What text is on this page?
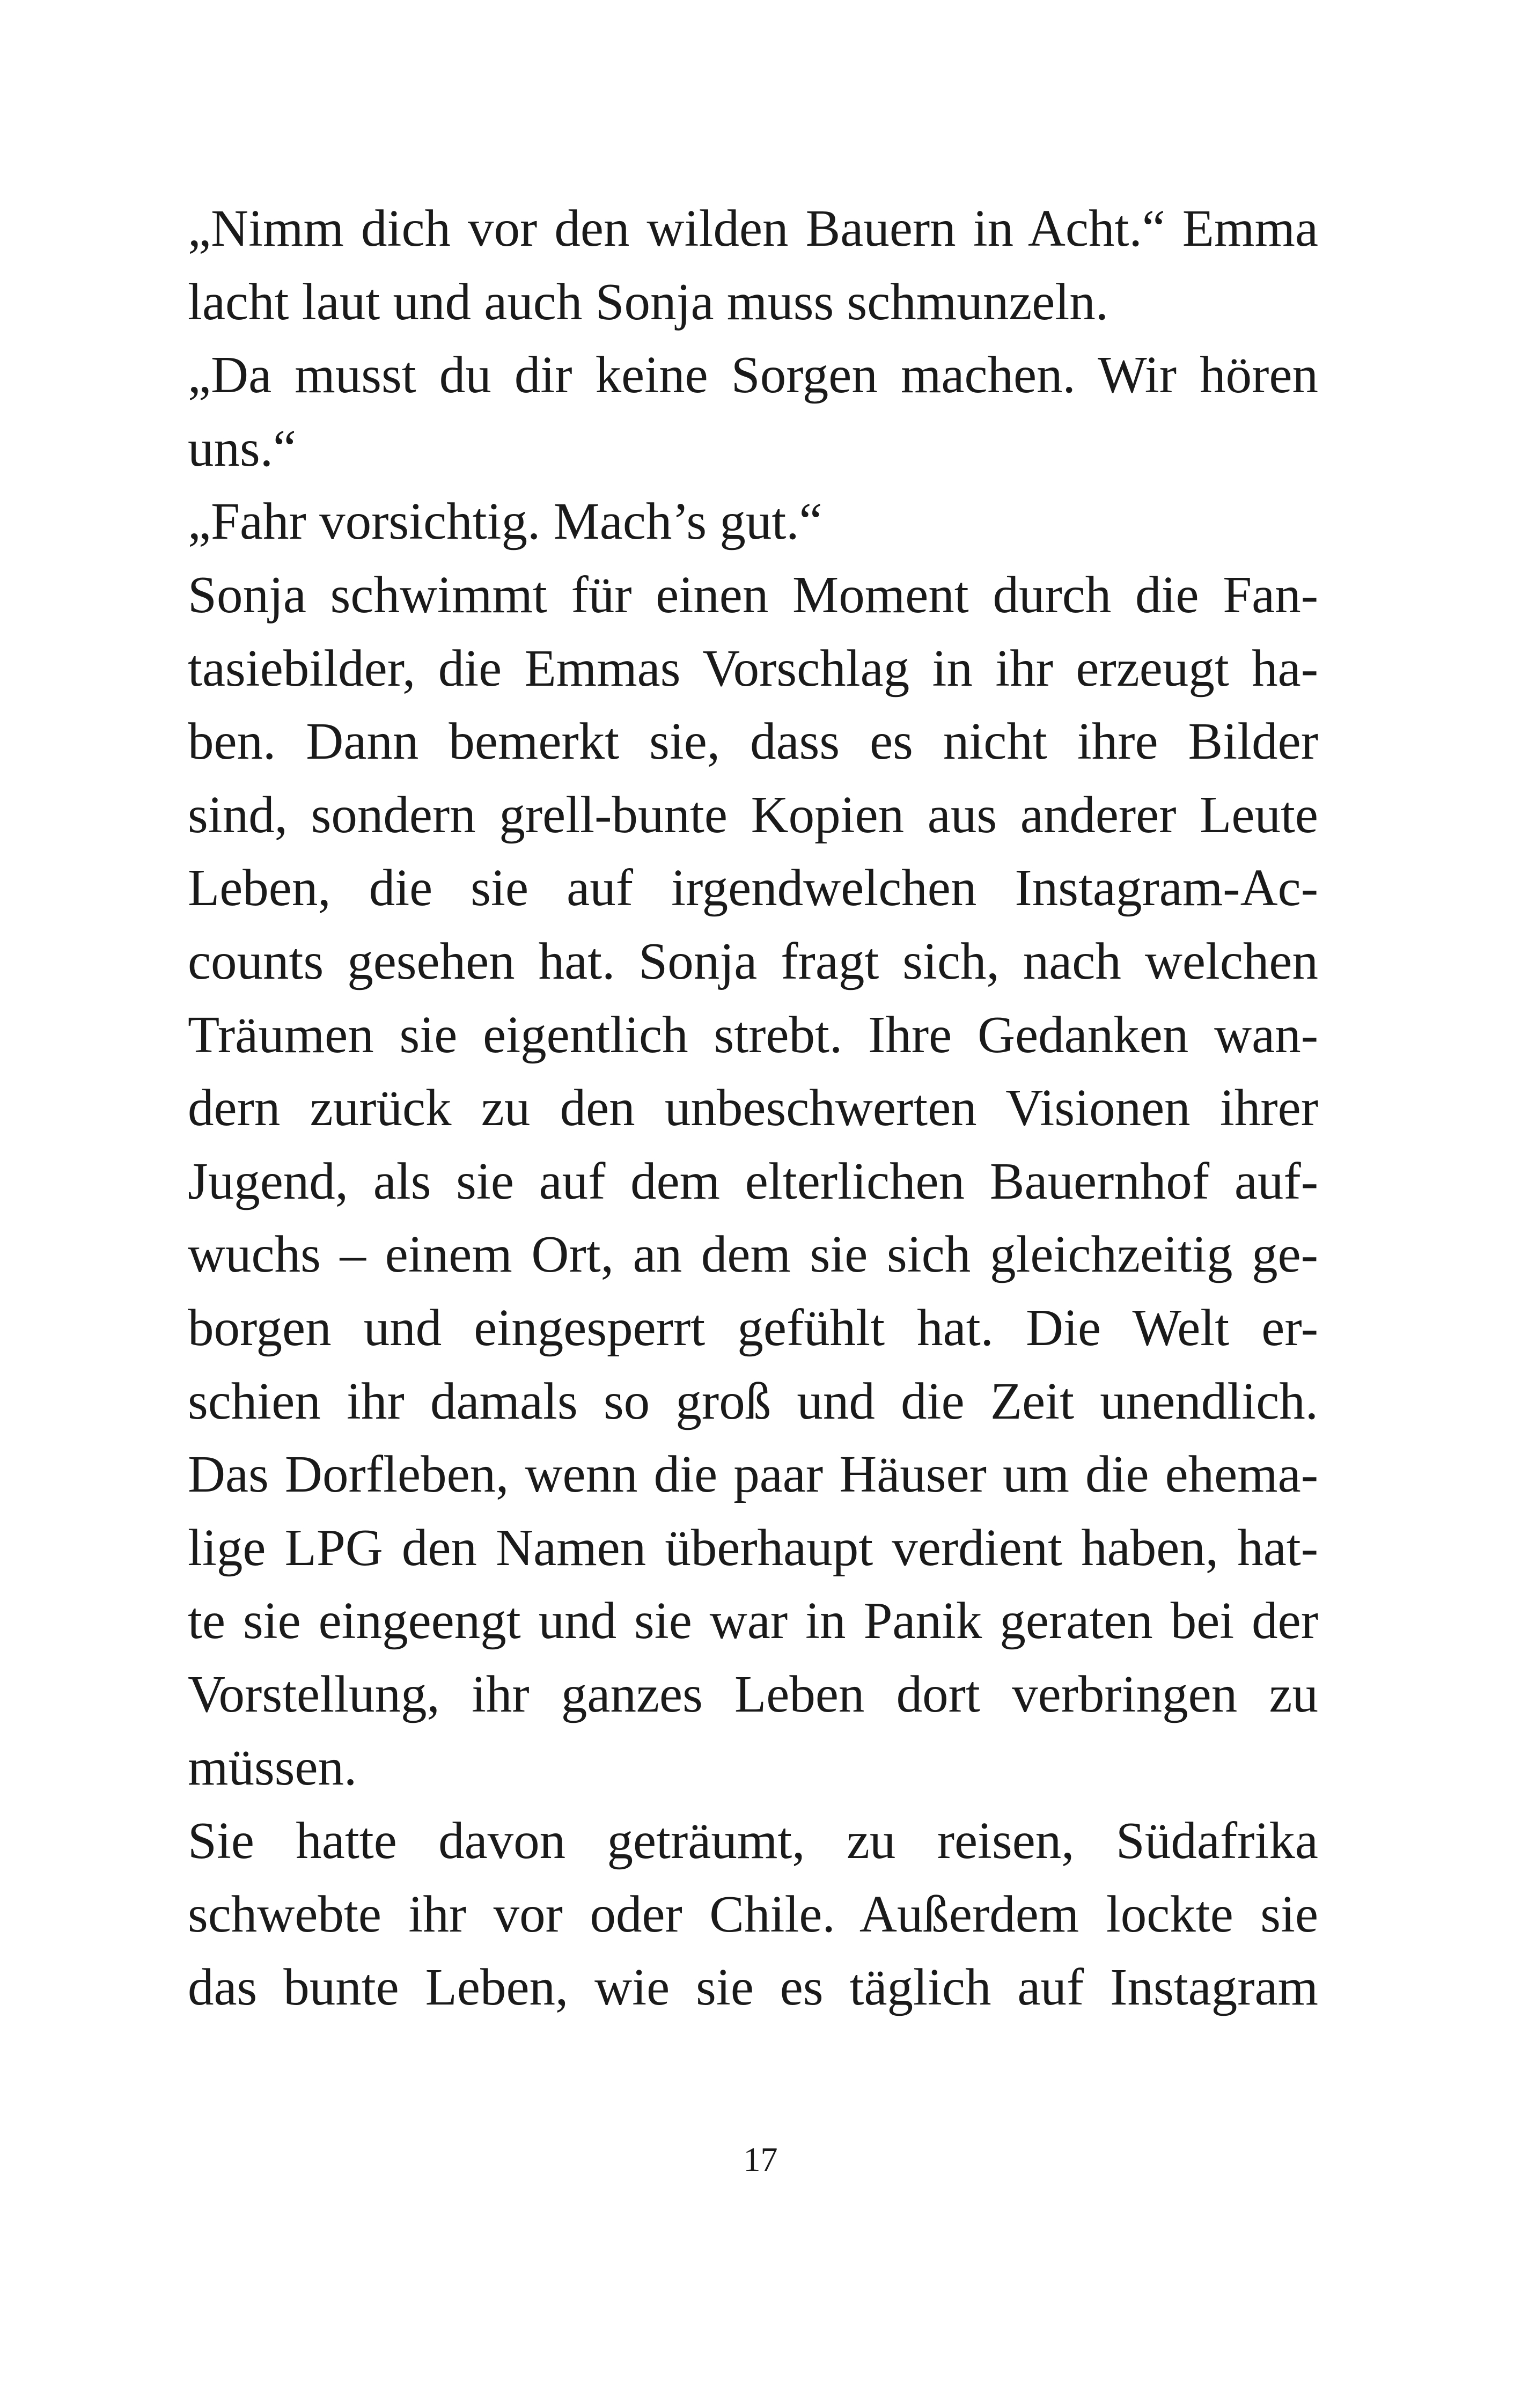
„Nimm dich vor den wilden Bauern in Acht.“ Emma
lacht laut und auch Sonja muss schmunzeln.
„Da musst du dir keine Sorgen machen. Wir hören
uns.“
„Fahr vorsichtig. Mach’s gut.“
Sonja schwimmt für einen Moment durch die Fan-
tasiebilder, die Emmas Vorschlag in ihr erzeugt ha-
ben. Dann bemerkt sie, dass es nicht ihre Bilder
sind, sondern grell-bunte Kopien aus anderer Leute
Leben, die sie auf irgendwelchen Instagram-Ac-
counts gesehen hat. Sonja fragt sich, nach welchen
Träumen sie eigentlich strebt. Ihre Gedanken wan-
dern zurück zu den unbeschwerten Visionen ihrer
Jugend, als sie auf dem elterlichen Bauernhof auf-
wuchs – einem Ort, an dem sie sich gleichzeitig ge-
borgen und eingesperrt gefühlt hat. Die Welt er-
schien ihr damals so groß und die Zeit unendlich.
Das Dorfleben, wenn die paar Häuser um die ehema-
lige LPG den Namen überhaupt verdient haben, hat-
te sie eingeengt und sie war in Panik geraten bei der
Vorstellung, ihr ganzes Leben dort verbringen zu
müssen.
Sie hatte davon geträumt, zu reisen, Südafrika
schwebte ihr vor oder Chile. Außerdem lockte sie
das bunte Leben, wie sie es täglich auf Instagram
17
